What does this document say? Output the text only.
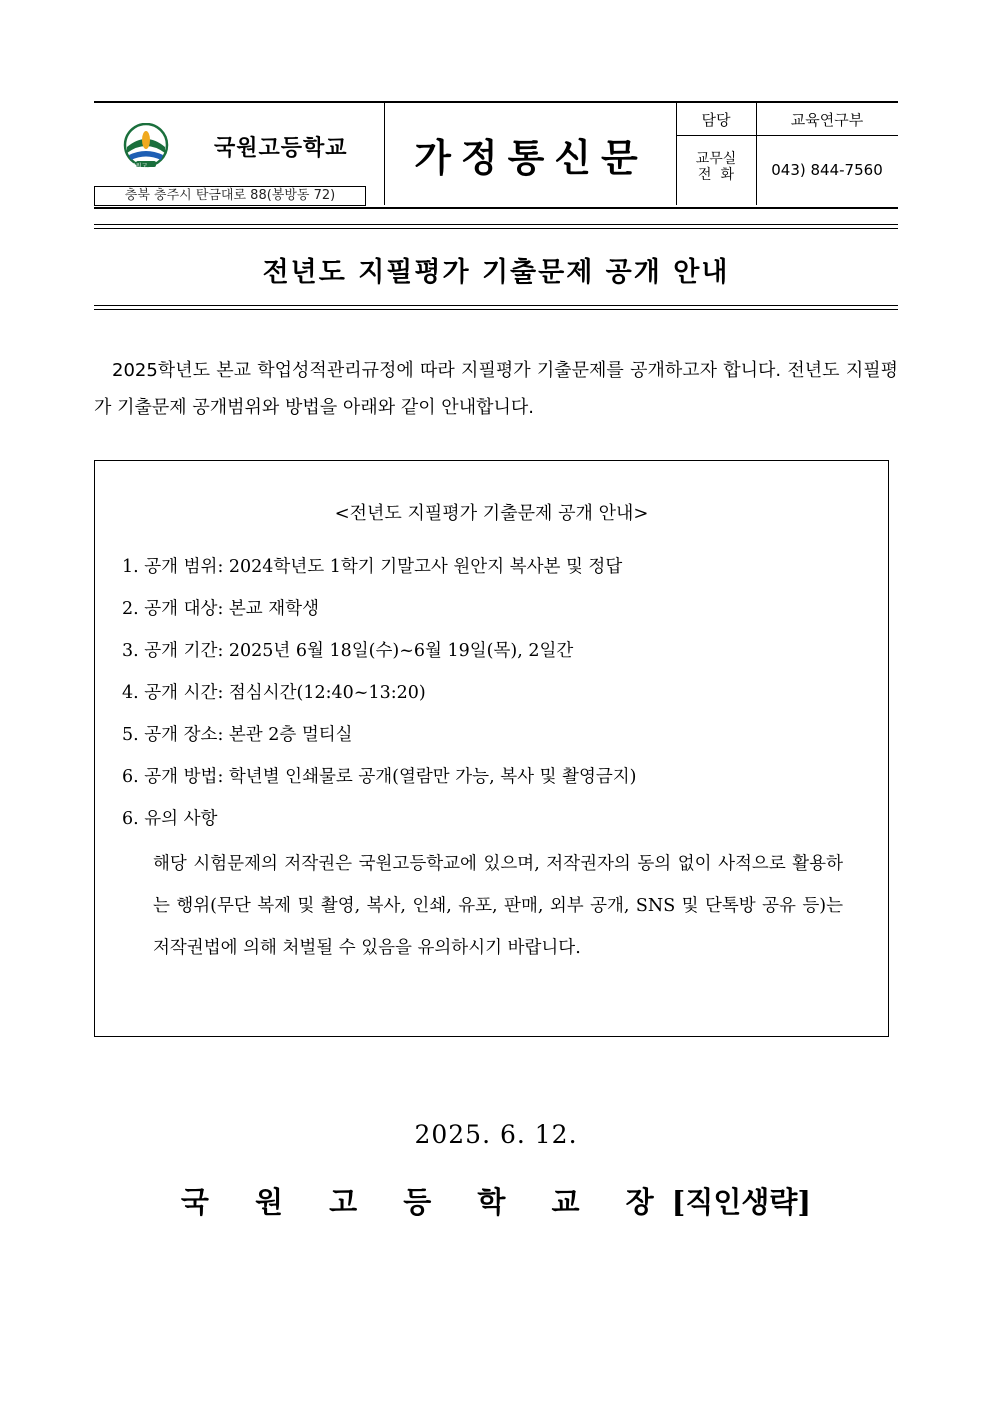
국원고
국원고등학교
충북 충주시 탄금대로 88(봉방동 72)
가정통신문
담당	교육연구부
교무실
전  화	043) 844-7560
전년도 지필평가 기출문제 공개 안내
2025학년도 본교 학업성적관리규정에 따라 지필평가 기출문제를 공개하고자 합니다. 전년도 지필평가 기출문제 공개범위와 방법을 아래와 같이 안내합니다.
<전년도 지필평가 기출문제 공개 안내>
1. 공개 범위: 2024학년도 1학기 기말고사 원안지 복사본 및 정답
2. 공개 대상: 본교 재학생
3. 공개 기간: 2025년 6월 18일(수)~6월 19일(목), 2일간
4. 공개 시간: 점심시간(12:40~13:20)
5. 공개 장소: 본관 2층 멀티실
6. 공개 방법: 학년별 인쇄물로 공개(열람만 가능, 복사 및 촬영금지)
6. 유의 사항
해당 시험문제의 저작권은 국원고등학교에 있으며, 저작권자의 동의 없이 사적으로 활용하는 행위(무단 복제 및 촬영, 복사, 인쇄, 유포, 판매, 외부 공개, SNS 및 단톡방 공유 등)는 저작권법에 의해 처벌될 수 있음을 유의하시기 바랍니다.
2025. 6. 12.
국 원 고 등 학 교 장[직인생략]
